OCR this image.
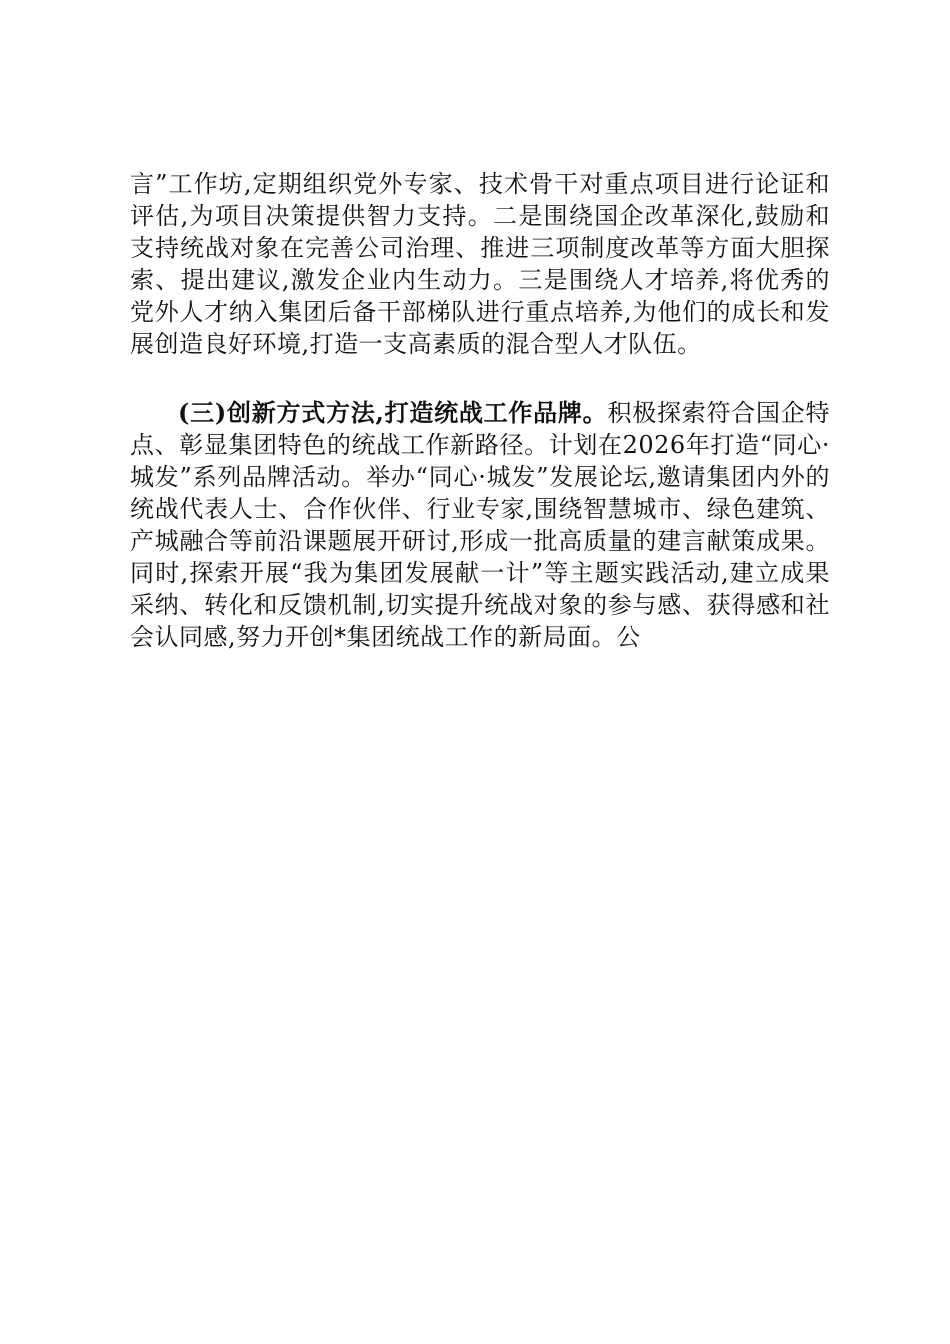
言”工作坊,定期组织党外专家、技术骨干对重点项目进行论证和评估,为项目决策提供智力支持。二是围绕国企改革深化,鼓励和支持统战对象在完善公司治理、推进三项制度改革等方面大胆探索、提出建议,激发企业内生动力。三是围绕人才培养,将优秀的党外人才纳入集团后备干部梯队进行重点培养,为他们的成长和发展创造良好环境,打造一支高素质的混合型人才队伍。

(三)创新方式方法,打造统战工作品牌。积极探索符合国企特点、彰显集团特色的统战工作新路径。计划在2026年打造“同心·城发”系列品牌活动。举办“同心·城发”发展论坛,邀请集团内外的统战代表人士、合作伙伴、行业专家,围绕智慧城市、绿色建筑、产城融合等前沿课题展开研讨,形成一批高质量的建言献策成果。同时,探索开展“我为集团发展献一计”等主题实践活动,建立成果采纳、转化和反馈机制,切实提升统战对象的参与感、获得感和社会认同感,努力开创*集团统战工作的新局面。公
